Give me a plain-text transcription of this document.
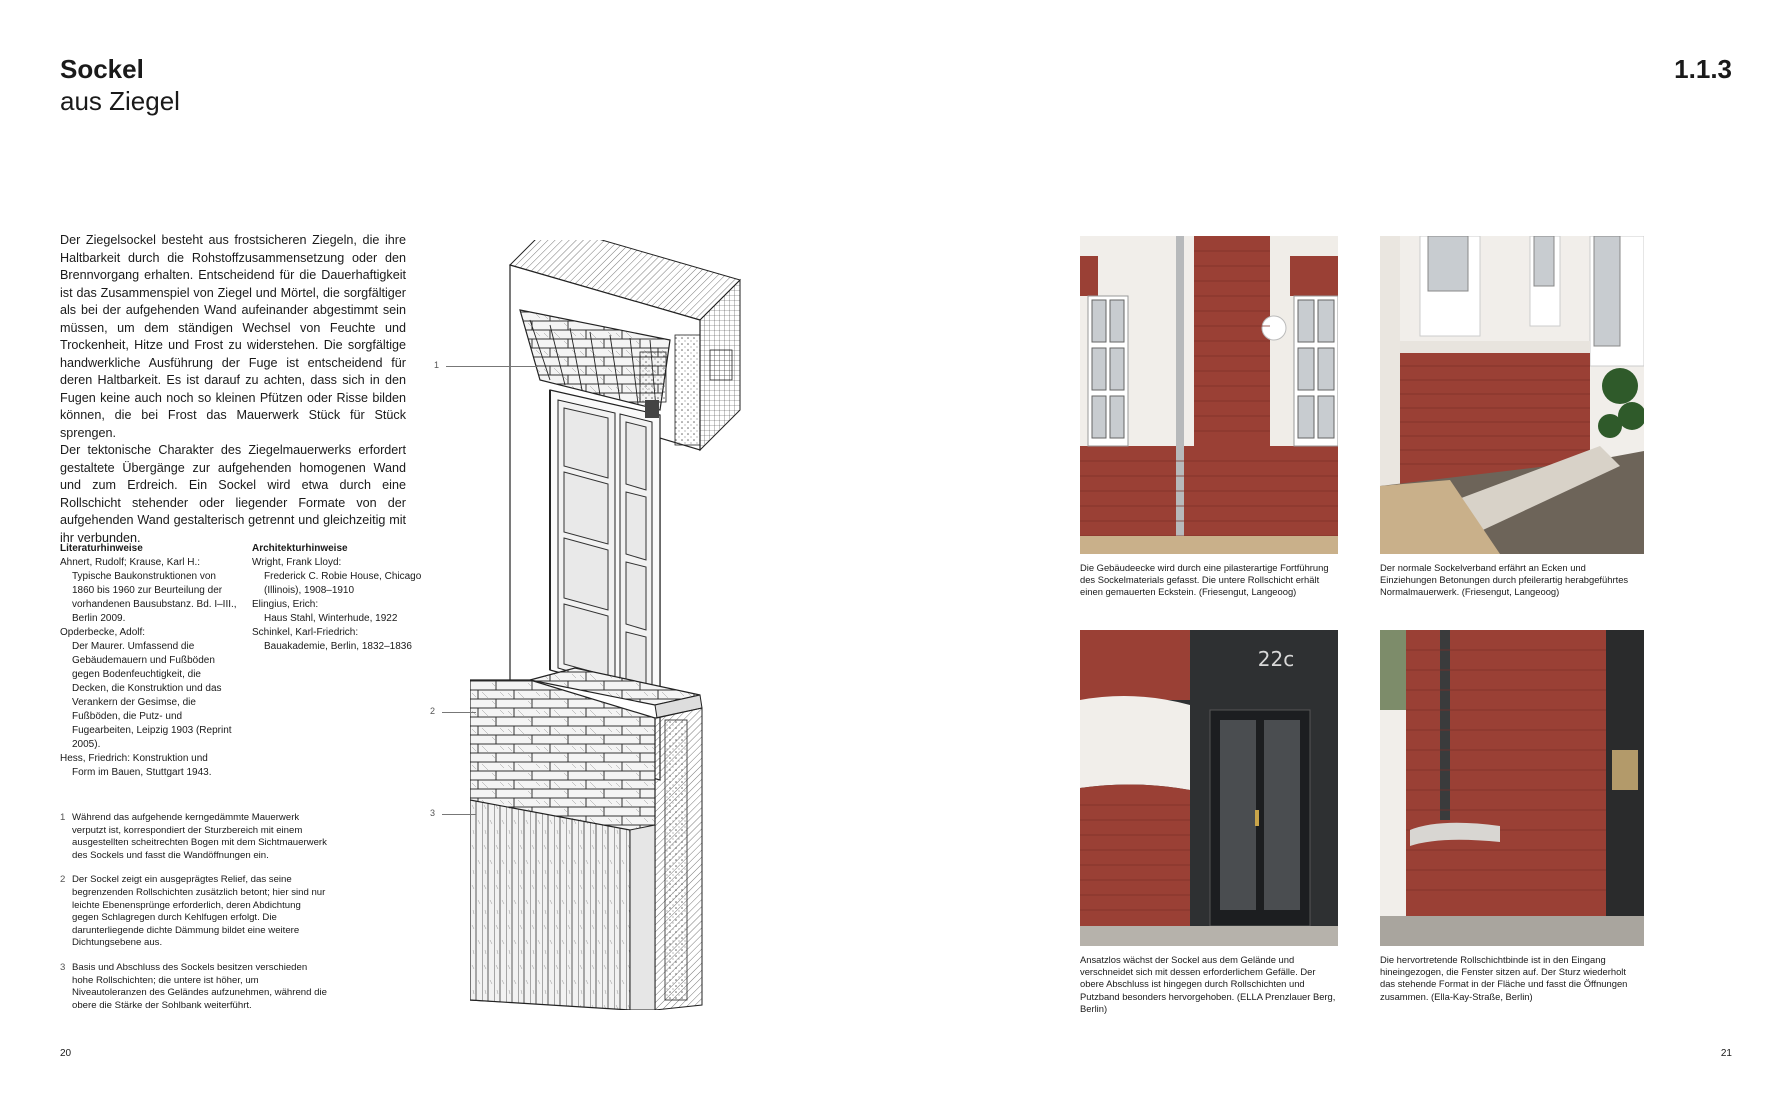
Sockel
aus Ziegel
1.1.3

Der Ziegelsockel besteht aus frostsicheren Ziegeln, die ihre Haltbarkeit durch die Rohstoffzusammensetzung oder den Brennvorgang erhalten. Entscheidend für die Dauerhaftigkeit ist das Zusammenspiel von Ziegel und Mörtel, die sorgfältiger als bei der aufgehenden Wand aufeinander abgestimmt sein müssen, um dem ständigen Wechsel von Feuchte und Trockenheit, Hitze und Frost zu widerstehen. Die sorgfältige handwerkliche Ausführung der Fuge ist entscheidend für deren Haltbarkeit. Es ist darauf zu achten, dass sich in den Fugen keine auch noch so kleinen Pfützen oder Risse bilden können, die bei Frost das Mauerwerk Stück für Stück sprengen.

Der tektonische Charakter des Ziegelmauerwerks erfordert gestaltete Übergänge zur aufgehenden homogenen Wand und zum Erdreich. Ein Sockel wird etwa durch eine Rollschicht stehender oder liegender Formate von der aufgehenden Wand gestalterisch getrennt und gleichzeitig mit ihr verbunden.

Literaturhinweise
Ahnert, Rudolf; Krause, Karl H.:
Typische Baukonstruktionen von 1860 bis 1960 zur Beurteilung der vorhandenen Bausubstanz. Bd. I–III., Berlin 2009.
Opderbecke, Adolf:
Der Maurer. Umfassend die Gebäudemauern und Fußböden gegen Bodenfeuchtigkeit, die Decken, die Konstruktion und das Verankern der Gesimse, die Fußböden, die Putz- und Fugearbeiten, Leipzig 1903 (Reprint 2005).
Hess, Friedrich: Konstruktion und
Form im Bauen, Stuttgart 1943.
Architekturhinweise
Wright, Frank Lloyd:
Frederick C. Robie House, Chicago (Illinois), 1908–1910
Elingius, Erich:
Haus Stahl, Winterhude, 1922
Schinkel, Karl-Friedrich:
Bauakademie, Berlin, 1832–1836
1 Während das aufgehende kerngedämmte Mauerwerk verputzt ist, korrespondiert der Sturzbereich mit einem ausgestellten scheitrechten Bogen mit dem Sichtmauerwerk des Sockels und fasst die Wandöffnungen ein.
2 Der Sockel zeigt ein ausgeprägtes Relief, das seine begrenzenden Rollschichten zusätzlich betont; hier sind nur leichte Ebenensprünge erforderlich, deren Abdichtung gegen Schlagregen durch Kehlfugen erfolgt. Die darunterliegende dichte Dämmung bildet eine weitere Dichtungsebene aus.
3 Basis und Abschluss des Sockels besitzen verschieden hohe Rollschichten; die untere ist höher, um Niveautoleranzen des Geländes aufzunehmen, während die obere die Stärke der Sohlbank weiterführt.
1
2
3
Die Gebäudeecke wird durch eine pilasterartige Fortführung des Sockelmaterials gefasst. Die untere Rollschicht erhält einen gemauerten Eckstein. (Friesengut, Langeoog)
Der normale Sockelverband erfährt an Ecken und Einziehungen Betonungen durch pfeilerartig herabgeführtes Normalmauerwerk. (Friesengut, Langeoog)
22c
Ansatzlos wächst der Sockel aus dem Gelände und verschneidet sich mit dessen erforderlichem Gefälle. Der obere Abschluss ist hingegen durch Rollschichten und Putzband besonders hervorgehoben. (ELLA Prenzlauer Berg, Berlin)
Die hervortretende Rollschichtbinde ist in den Eingang hineingezogen, die Fenster sitzen auf. Der Sturz wiederholt das stehende Format in der Fläche und fasst die Öffnungen zusammen. (Ella-Kay-Straße, Berlin)
20	21
